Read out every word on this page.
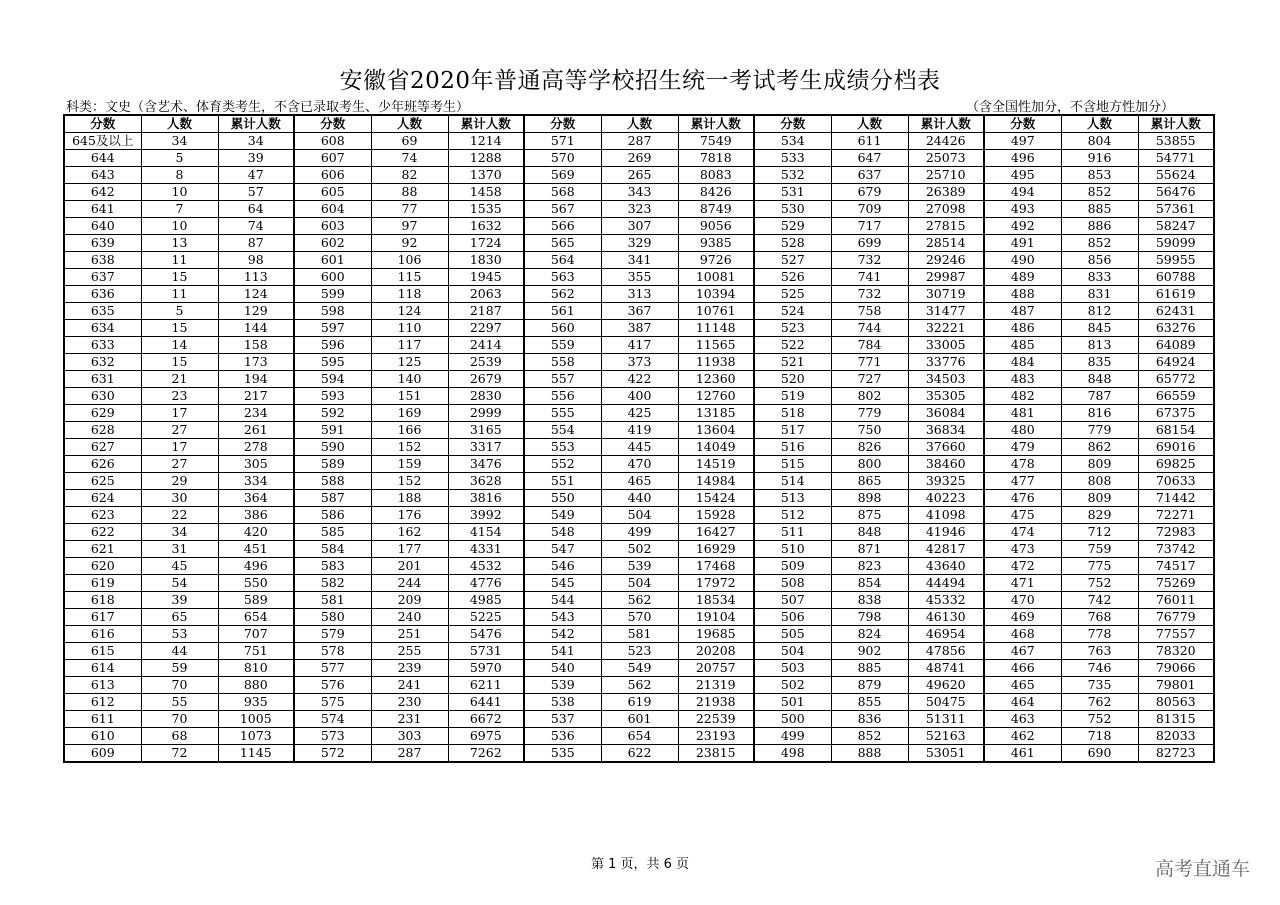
安徽省2020年普通高等学校招生统一考试考生成绩分档表
科类：文史（含艺术、体育类考生，不含已录取考生、少年班等考生）	（含全国性加分，不含地方性加分）
分数	人数	累计人数	分数	人数	累计人数	分数	人数	累计人数	分数	人数	累计人数	分数	人数	累计人数
645及以上	34	34	608	69	1214	571	287	7549	534	611	24426	497	804	53855
644	5	39	607	74	1288	570	269	7818	533	647	25073	496	916	54771
643	8	47	606	82	1370	569	265	8083	532	637	25710	495	853	55624
642	10	57	605	88	1458	568	343	8426	531	679	26389	494	852	56476
641	7	64	604	77	1535	567	323	8749	530	709	27098	493	885	57361
640	10	74	603	97	1632	566	307	9056	529	717	27815	492	886	58247
639	13	87	602	92	1724	565	329	9385	528	699	28514	491	852	59099
638	11	98	601	106	1830	564	341	9726	527	732	29246	490	856	59955
637	15	113	600	115	1945	563	355	10081	526	741	29987	489	833	60788
636	11	124	599	118	2063	562	313	10394	525	732	30719	488	831	61619
635	5	129	598	124	2187	561	367	10761	524	758	31477	487	812	62431
634	15	144	597	110	2297	560	387	11148	523	744	32221	486	845	63276
633	14	158	596	117	2414	559	417	11565	522	784	33005	485	813	64089
632	15	173	595	125	2539	558	373	11938	521	771	33776	484	835	64924
631	21	194	594	140	2679	557	422	12360	520	727	34503	483	848	65772
630	23	217	593	151	2830	556	400	12760	519	802	35305	482	787	66559
629	17	234	592	169	2999	555	425	13185	518	779	36084	481	816	67375
628	27	261	591	166	3165	554	419	13604	517	750	36834	480	779	68154
627	17	278	590	152	3317	553	445	14049	516	826	37660	479	862	69016
626	27	305	589	159	3476	552	470	14519	515	800	38460	478	809	69825
625	29	334	588	152	3628	551	465	14984	514	865	39325	477	808	70633
624	30	364	587	188	3816	550	440	15424	513	898	40223	476	809	71442
623	22	386	586	176	3992	549	504	15928	512	875	41098	475	829	72271
622	34	420	585	162	4154	548	499	16427	511	848	41946	474	712	72983
621	31	451	584	177	4331	547	502	16929	510	871	42817	473	759	73742
620	45	496	583	201	4532	546	539	17468	509	823	43640	472	775	74517
619	54	550	582	244	4776	545	504	17972	508	854	44494	471	752	75269
618	39	589	581	209	4985	544	562	18534	507	838	45332	470	742	76011
617	65	654	580	240	5225	543	570	19104	506	798	46130	469	768	76779
616	53	707	579	251	5476	542	581	19685	505	824	46954	468	778	77557
615	44	751	578	255	5731	541	523	20208	504	902	47856	467	763	78320
614	59	810	577	239	5970	540	549	20757	503	885	48741	466	746	79066
613	70	880	576	241	6211	539	562	21319	502	879	49620	465	735	79801
612	55	935	575	230	6441	538	619	21938	501	855	50475	464	762	80563
611	70	1005	574	231	6672	537	601	22539	500	836	51311	463	752	81315
610	68	1073	573	303	6975	536	654	23193	499	852	52163	462	718	82033
609	72	1145	572	287	7262	535	622	23815	498	888	53051	461	690	82723
第 1 页，共 6 页	高考直通车
